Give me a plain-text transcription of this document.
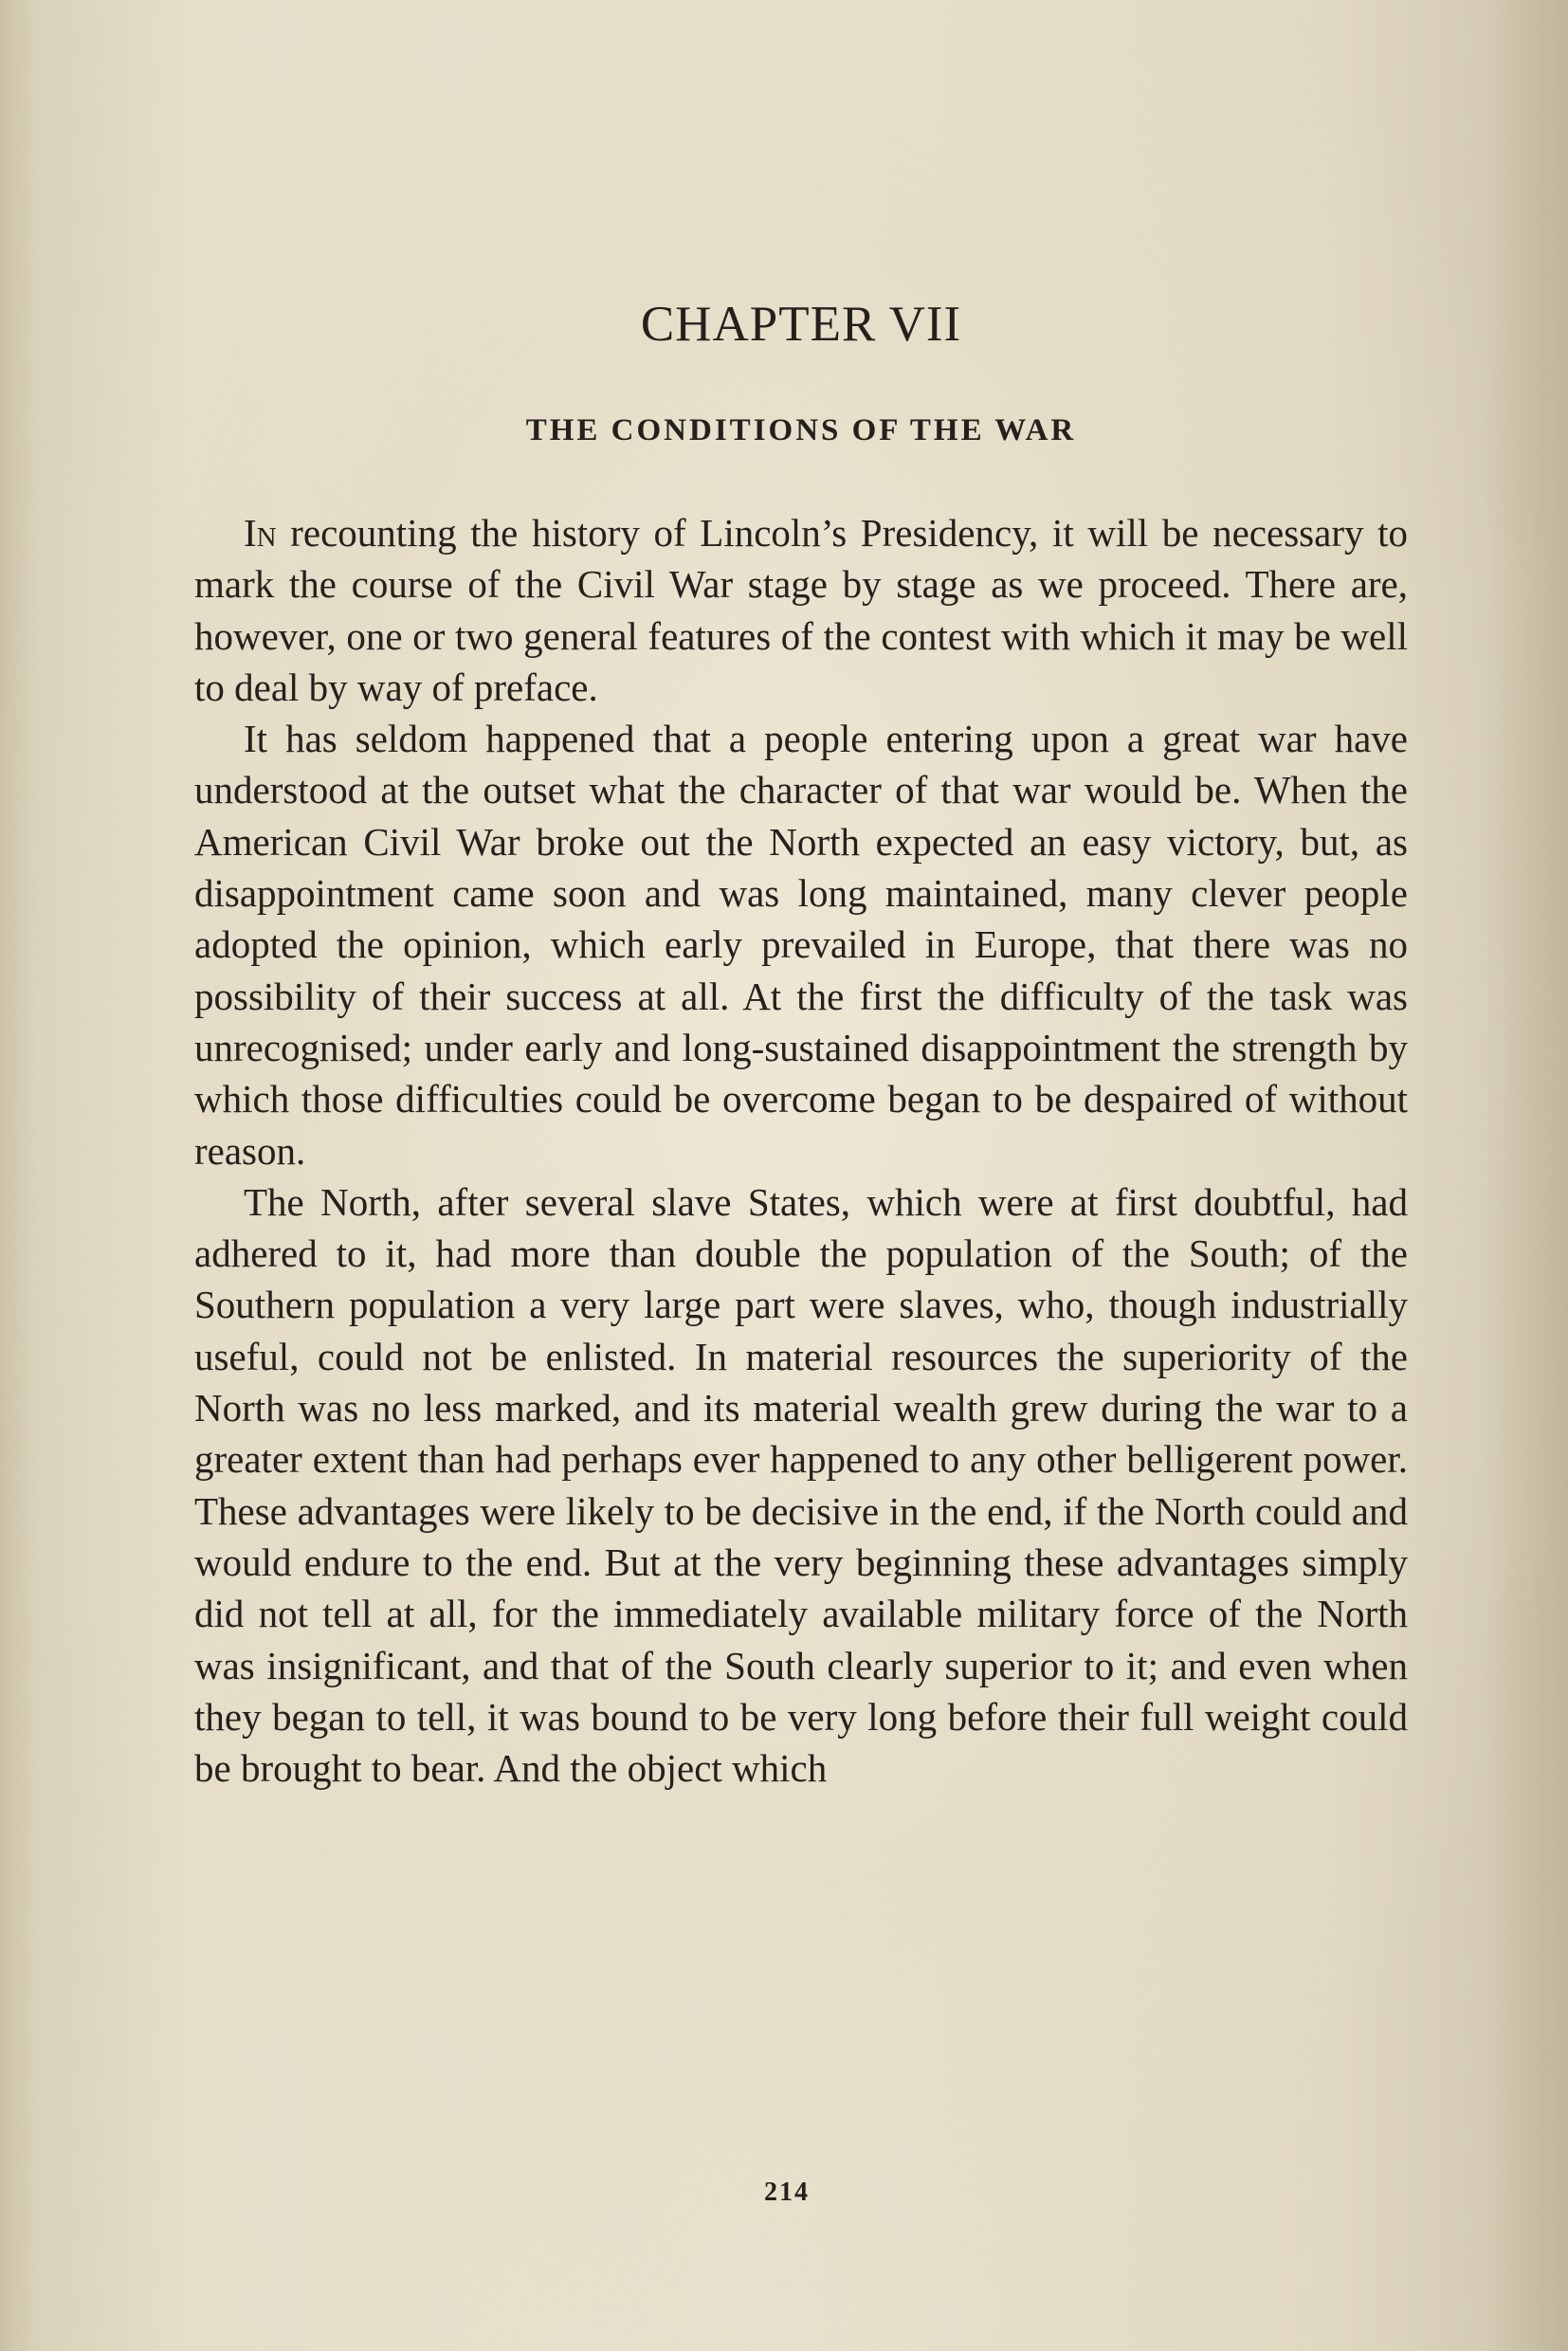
CHAPTER VII
THE CONDITIONS OF THE WAR

In recounting the history of Lincoln’s Presidency, it will be necessary to mark the course of the Civil War stage by stage as we proceed. There are, however, one or two general features of the contest with which it may be well to deal by way of preface.

It has seldom happened that a people entering upon a great war have understood at the outset what the character of that war would be. When the American Civil War broke out the North expected an easy victory, but, as disappointment came soon and was long maintained, many clever people adopted the opinion, which early prevailed in Europe, that there was no possibility of their success at all. At the first the difficulty of the task was unrecognised; under early and long-sustained disappointment the strength by which those difficulties could be overcome began to be despaired of without reason.

The North, after several slave States, which were at first doubtful, had adhered to it, had more than double the population of the South; of the Southern population a very large part were slaves, who, though industrially useful, could not be enlisted. In material resources the superiority of the North was no less marked, and its material wealth grew during the war to a greater extent than had perhaps ever happened to any other belligerent power. These advantages were likely to be decisive in the end, if the North could and would endure to the end. But at the very beginning these advantages simply did not tell at all, for the immediately available military force of the North was insignificant, and that of the South clearly superior to it; and even when they began to tell, it was bound to be very long before their full weight could be brought to bear. And the object which

214
